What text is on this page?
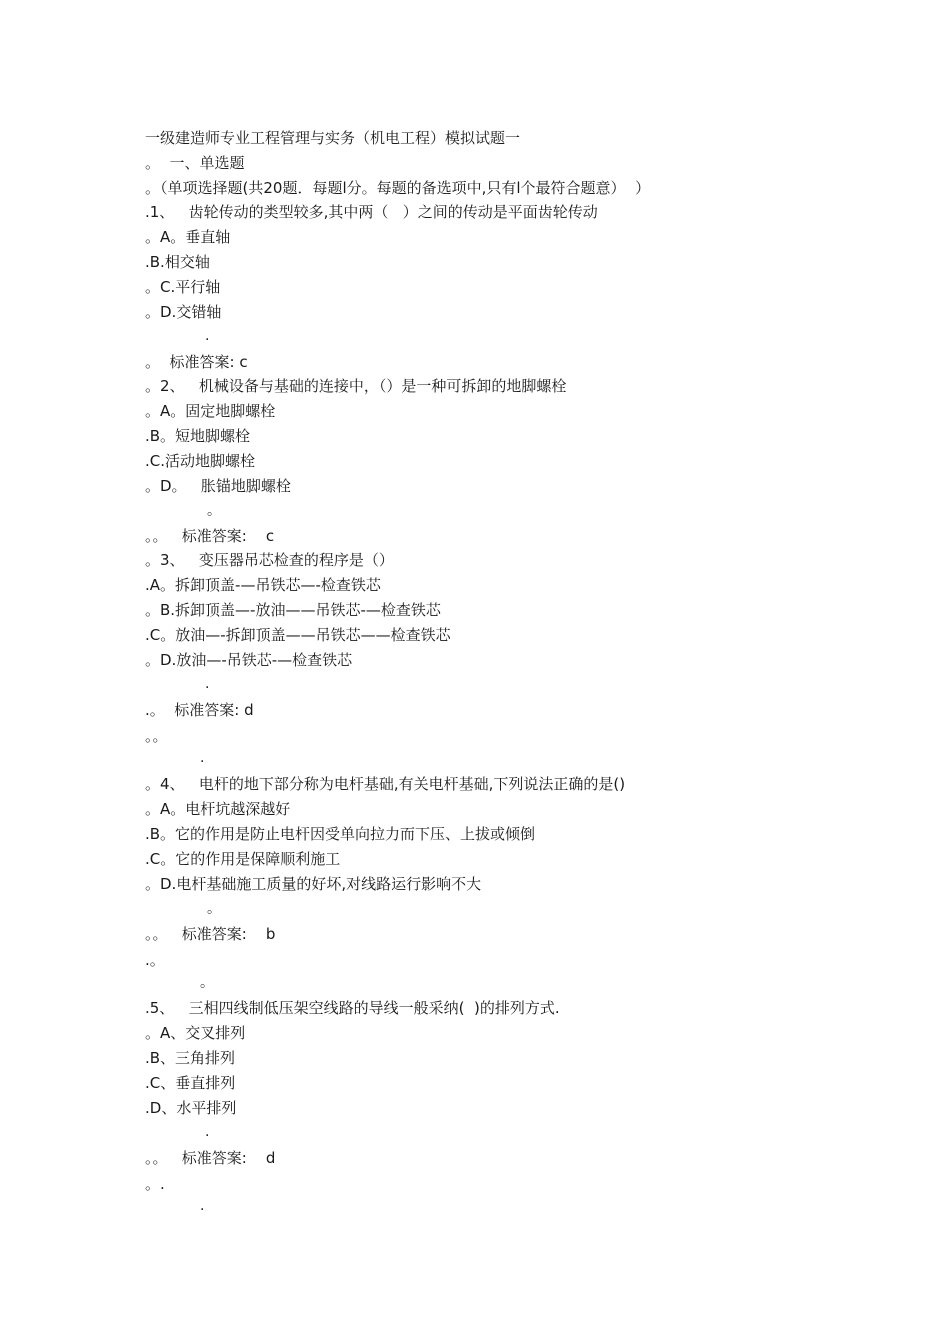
一级建造师专业工程管理与实务（机电工程）模拟试题一
。  一、单选题
。（单项选择题(共20题．每题l分。每题的备选项中,只有l个最符合题意）  ）
.1、   齿轮传动的类型较多,其中两（   ）之间的传动是平面齿轮传动
。A。垂直轴
.B.相交轴
。C.平行轴
。D.交错轴
.
。  标准答案: c
。2、   机械设备与基础的连接中，（）是一种可拆卸的地脚螺栓
。A。固定地脚螺栓
.B。短地脚螺栓
.C.活动地脚螺栓
。D。   胀锚地脚螺栓
。
。。   标准答案:    c
。3、   变压器吊芯检查的程序是（）
.A。拆卸顶盖-—吊铁芯—-检查铁芯
。B.拆卸顶盖—-放油——吊铁芯-—检查铁芯
.C。放油—-拆卸顶盖——吊铁芯——检查铁芯
。D.放油—-吊铁芯-—检查铁芯
.
.。  标准答案: d
。。
.
。4、   电杆的地下部分称为电杆基础,有关电杆基础,下列说法正确的是()
。A。电杆坑越深越好
.B。它的作用是防止电杆因受单向拉力而下压、上拔或倾倒
.C。它的作用是保障顺利施工
。D.电杆基础施工质量的好坏,对线路运行影响不大
。
。。   标准答案:    b
.。
。
.5、   三相四线制低压架空线路的导线一般采纳(  )的排列方式.
。A、交叉排列
.B、三角排列
.C、垂直排列
.D、水平排列
.
。。   标准答案:    d
。.
.
